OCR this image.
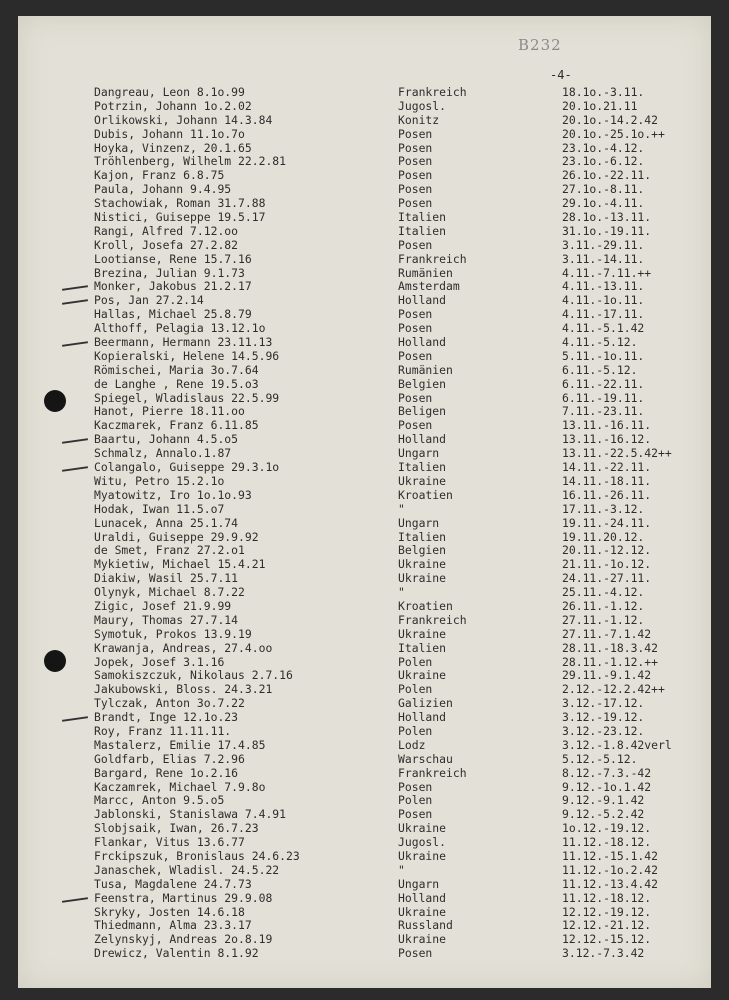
B232
-4-
Dangreau, Leon 8.1o.99	Frankreich	18.1o.-3.11.
Potrzin, Johann 1o.2.02	Jugosl.	20.1o.21.11
Orlikowski, Johann 14.3.84	Konitz	20.1o.-14.2.42
Dubis, Johann 11.1o.7o	Posen	20.1o.-25.1o.++
Hoyka, Vinzenz, 20.1.65	Posen	23.1o.-4.12.
Tröhlenberg, Wilhelm 22.2.81	Posen	23.1o.-6.12.
Kajon, Franz 6.8.75	Posen	26.1o.-22.11.
Paula, Johann 9.4.95	Posen	27.1o.-8.11.
Stachowiak, Roman 31.7.88	Posen	29.1o.-4.11.
Nistici, Guiseppe 19.5.17	Italien	28.1o.-13.11.
Rangi, Alfred 7.12.oo	Italien	31.1o.-19.11.
Kroll, Josefa 27.2.82	Posen	3.11.-29.11.
Lootianse, Rene 15.7.16	Frankreich	3.11.-14.11.
Brezina, Julian 9.1.73	Rumänien	4.11.-7.11.++
Monker, Jakobus 21.2.17	Amsterdam	4.11.-13.11.
Pos, Jan 27.2.14	Holland	4.11.-1o.11.
Hallas, Michael 25.8.79	Posen	4.11.-17.11.
Althoff, Pelagia 13.12.1o	Posen	4.11.-5.1.42
Beermann, Hermann 23.11.13	Holland	4.11.-5.12.
Kopieralski, Helene 14.5.96	Posen	5.11.-1o.11.
Römischei, Maria 3o.7.64	Rumänien	6.11.-5.12.
de Langhe , Rene 19.5.o3	Belgien	6.11.-22.11.
Spiegel, Wladislaus 22.5.99	Posen	6.11.-19.11.
Hanot, Pierre 18.11.oo	Beligen	7.11.-23.11.
Kaczmarek, Franz 6.11.85	Posen	13.11.-16.11.
Baartu, Johann 4.5.o5	Holland	13.11.-16.12.
Schmalz, Annalo.1.87	Ungarn	13.11.-22.5.42++
Colangalo, Guiseppe 29.3.1o	Italien	14.11.-22.11.
Witu, Petro 15.2.1o	Ukraine	14.11.-18.11.
Myatowitz, Iro 1o.1o.93	Kroatien	16.11.-26.11.
Hodak, Iwan 11.5.o7	"	17.11.-3.12.
Lunacek, Anna 25.1.74	Ungarn	19.11.-24.11.
Uraldi, Guiseppe 29.9.92	Italien	19.11.20.12.
de Smet, Franz 27.2.o1	Belgien	20.11.-12.12.
Mykietiw, Michael 15.4.21	Ukraine	21.11.-1o.12.
Diakiw, Wasil 25.7.11	Ukraine	24.11.-27.11.
Olynyk, Michael 8.7.22	"	25.11.-4.12.
Zigic, Josef 21.9.99	Kroatien	26.11.-1.12.
Maury, Thomas 27.7.14	Frankreich	27.11.-1.12.
Symotuk, Prokos 13.9.19	Ukraine	27.11.-7.1.42
Krawanja, Andreas, 27.4.oo	Italien	28.11.-18.3.42
Jopek, Josef 3.1.16	Polen	28.11.-1.12.++
Samokiszczuk, Nikolaus 2.7.16	Ukraine	29.11.-9.1.42
Jakubowski, Bloss. 24.3.21	Polen	2.12.-12.2.42++
Tylczak, Anton 3o.7.22	Galizien	3.12.-17.12.
Brandt, Inge 12.1o.23	Holland	3.12.-19.12.
Roy, Franz 11.11.11.	Polen	3.12.-23.12.
Mastalerz, Emilie 17.4.85	Lodz	3.12.-1.8.42verl
Goldfarb, Elias 7.2.96	Warschau	5.12.-5.12.
Bargard, Rene 1o.2.16	Frankreich	8.12.-7.3.-42
Kaczamrek, Michael 7.9.8o	Posen	9.12.-1o.1.42
Marcc, Anton 9.5.o5	Polen	9.12.-9.1.42
Jablonski, Stanislawa 7.4.91	Posen	9.12.-5.2.42
Slobjsaik, Iwan, 26.7.23	Ukraine	1o.12.-19.12.
Flankar, Vitus 13.6.77	Jugosl.	11.12.-18.12.
Frckipszuk, Bronislaus 24.6.23	Ukraine	11.12.-15.1.42
Janaschek, Wladisl. 24.5.22	"	11.12.-1o.2.42
Tusa, Magdalene 24.7.73	Ungarn	11.12.-13.4.42
Feenstra, Martinus 29.9.08	Holland	11.12.-18.12.
Skryky, Josten 14.6.18	Ukraine	12.12.-19.12.
Thiedmann, Alma 23.3.17	Russland	12.12.-21.12.
Zelynskyj, Andreas 2o.8.19	Ukraine	12.12.-15.12.
Drewicz, Valentin 8.1.92	Posen	3.12.-7.3.42
